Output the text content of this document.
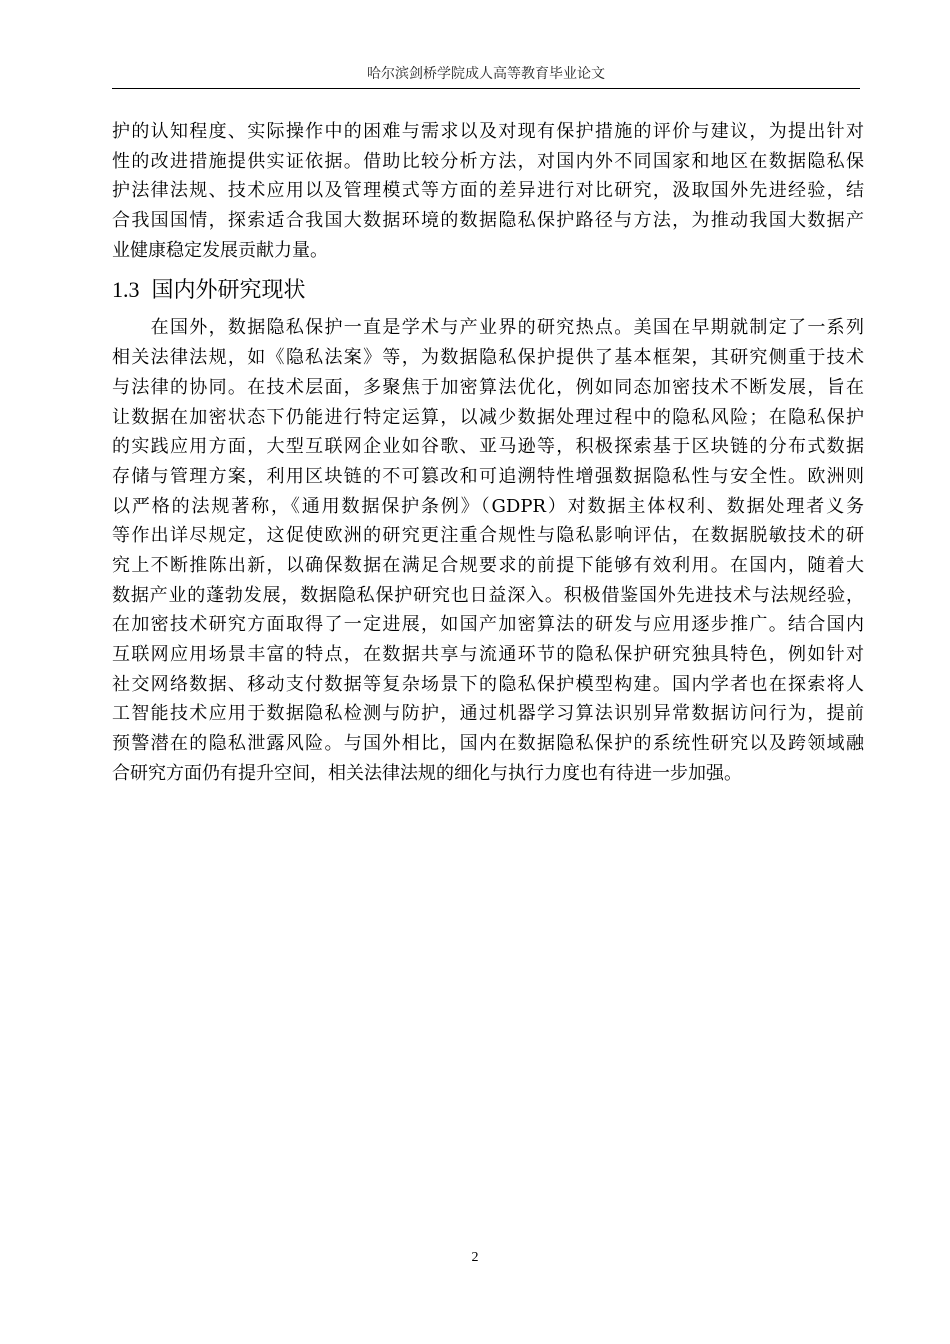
哈尔滨剑桥学院成人高等教育毕业论文
护的认知程度、实际操作中的困难与需求以及对现有保护措施的评价与建议，为提出针对
性的改进措施提供实证依据。借助比较分析方法，对国内外不同国家和地区在数据隐私保
护法律法规、技术应用以及管理模式等方面的差异进行对比研究，汲取国外先进经验，结
合我国国情，探索适合我国大数据环境的数据隐私保护路径与方法，为推动我国大数据产
业健康稳定发展贡献力量。
1.3 国内外研究现状
　　在国外，数据隐私保护一直是学术与产业界的研究热点。美国在早期就制定了一系列
相关法律法规，如《隐私法案》等，为数据隐私保护提供了基本框架，其研究侧重于技术
与法律的协同。在技术层面，多聚焦于加密算法优化，例如同态加密技术不断发展，旨在
让数据在加密状态下仍能进行特定运算，以减少数据处理过程中的隐私风险；在隐私保护
的实践应用方面，大型互联网企业如谷歌、亚马逊等，积极探索基于区块链的分布式数据
存储与管理方案，利用区块链的不可篡改和可追溯特性增强数据隐私性与安全性。欧洲则
以严格的法规著称，《通用数据保护条例》（GDPR）对数据主体权利、数据处理者义务
等作出详尽规定，这促使欧洲的研究更注重合规性与隐私影响评估，在数据脱敏技术的研
究上不断推陈出新，以确保数据在满足合规要求的前提下能够有效利用。在国内，随着大
数据产业的蓬勃发展，数据隐私保护研究也日益深入。积极借鉴国外先进技术与法规经验，
在加密技术研究方面取得了一定进展，如国产加密算法的研发与应用逐步推广。结合国内
互联网应用场景丰富的特点，在数据共享与流通环节的隐私保护研究独具特色，例如针对
社交网络数据、移动支付数据等复杂场景下的隐私保护模型构建。国内学者也在探索将人
工智能技术应用于数据隐私检测与防护，通过机器学习算法识别异常数据访问行为，提前
预警潜在的隐私泄露风险。与国外相比，国内在数据隐私保护的系统性研究以及跨领域融
合研究方面仍有提升空间，相关法律法规的细化与执行力度也有待进一步加强。
2
